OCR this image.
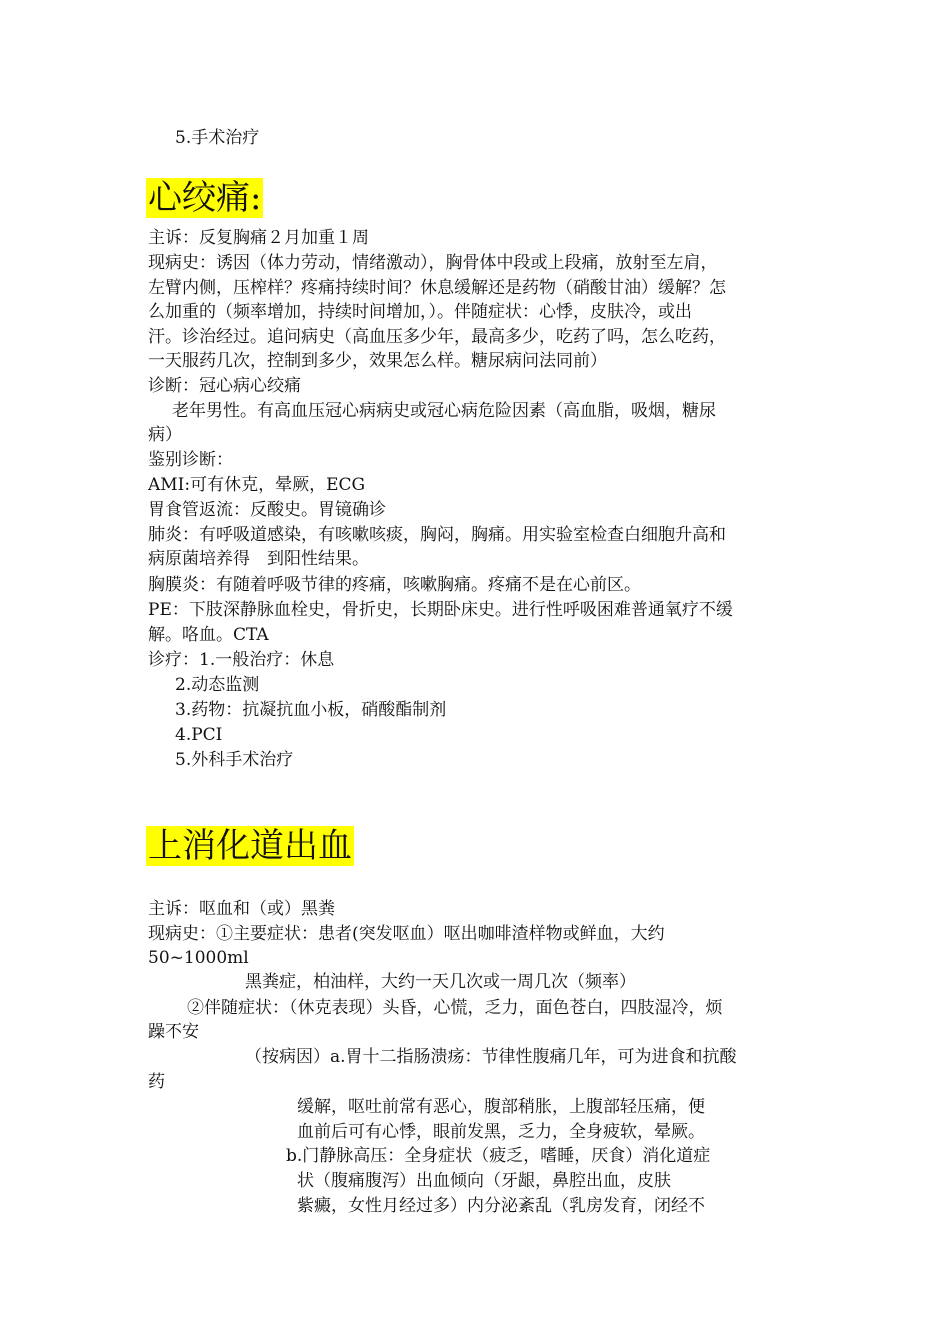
5.手术治疗
心绞痛:
主诉：反复胸痛２月加重１周
现病史：诱因（体力劳动，情绪激动），胸骨体中段或上段痛，放射至左肩，
左臂内侧，压榨样？疼痛持续时间？休息缓解还是药物（硝酸甘油）缓解？怎
么加重的（频率增加，持续时间增加，）。伴随症状：心悸，皮肤冷，或出
汗。诊治经过。追问病史（高血压多少年，最高多少，吃药了吗，怎么吃药，
一天服药几次，控制到多少，效果怎么样。糖尿病问法同前）
诊断：冠心病心绞痛
老年男性。有高血压冠心病病史或冠心病危险因素（高血脂，吸烟，糖尿
病）
鉴别诊断：
AMI:可有休克，晕厥，ECG
胃食管返流：反酸史。胃镜确诊
肺炎：有呼吸道感染，有咳嗽咳痰，胸闷，胸痛。用实验室检查白细胞升高和
病原菌培养得　到阳性结果。
胸膜炎：有随着呼吸节律的疼痛，咳嗽胸痛。疼痛不是在心前区。
PE：下肢深静脉血栓史，骨折史，长期卧床史。进行性呼吸困难普通氧疗不缓
解。咯血。CTA
诊疗：1.一般治疗：休息
2.动态监测
3.药物：抗凝抗血小板，硝酸酯制剂
4.PCI
5.外科手术治疗
上消化道出血
主诉：呕血和（或）黑粪
现病史：①主要症状：患者(突发呕血）呕出咖啡渣样物或鲜血，大约
50~1000ml
黑粪症，柏油样，大约一天几次或一周几次（频率）
②伴随症状：（休克表现）头昏，心慌，乏力，面色苍白，四肢湿冷，烦
躁不安
（按病因）a.胃十二指肠溃疡：节律性腹痛几年，可为进食和抗酸
药
缓解，呕吐前常有恶心，腹部稍胀，上腹部轻压痛，便
血前后可有心悸，眼前发黑，乏力，全身疲软，晕厥。
b.门静脉高压：全身症状（疲乏，嗜睡，厌食）消化道症
状（腹痛腹泻）出血倾向（牙龈，鼻腔出血，皮肤
紫癜，女性月经过多）内分泌紊乱（乳房发育，闭经不
